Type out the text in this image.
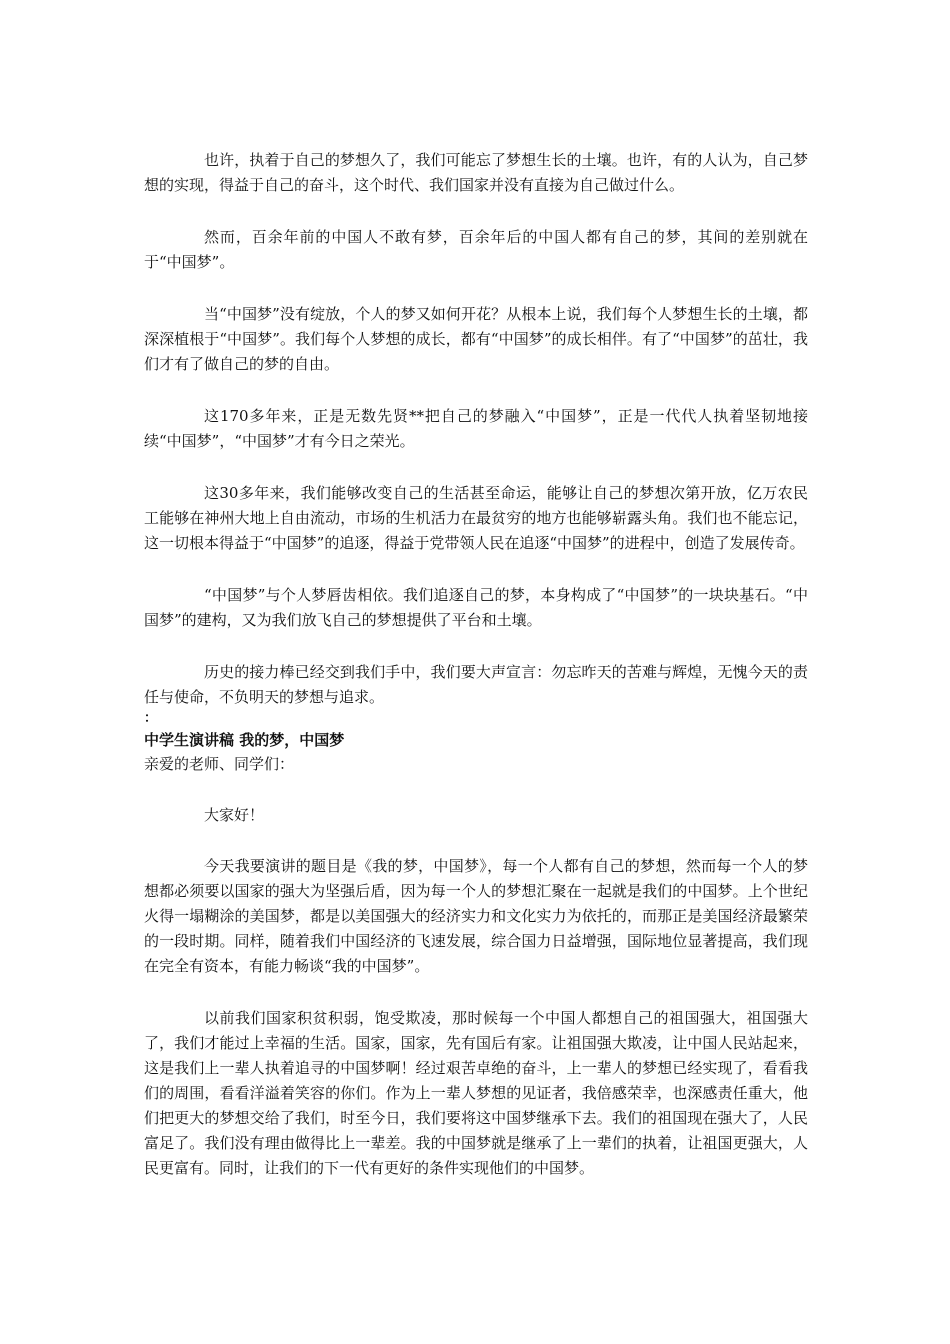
也许，执着于自己的梦想久了，我们可能忘了梦想生长的土壤。也许，有的人认为，自己梦想的实现，得益于自己的奋斗，这个时代、我们国家并没有直接为自己做过什么。

然而，百余年前的中国人不敢有梦，百余年后的中国人都有自己的梦，其间的差别就在于“中国梦”。

当“中国梦”没有绽放，个人的梦又如何开花？从根本上说，我们每个人梦想生长的土壤，都深深植根于“中国梦”。我们每个人梦想的成长，都有“中国梦”的成长相伴。有了“中国梦”的茁壮，我们才有了做自己的梦的自由。

这170多年来，正是无数先贤**把自己的梦融入“中国梦”，正是一代代人执着坚韧地接续“中国梦”，“中国梦”才有今日之荣光。

这30多年来，我们能够改变自己的生活甚至命运，能够让自己的梦想次第开放，亿万农民工能够在神州大地上自由流动，市场的生机活力在最贫穷的地方也能够崭露头角。我们也不能忘记，这一切根本得益于“中国梦”的追逐，得益于党带领人民在追逐“中国梦”的进程中，创造了发展传奇。

“中国梦”与个人梦唇齿相依。我们追逐自己的梦，本身构成了“中国梦”的一块块基石。“中国梦”的建构，又为我们放飞自己的梦想提供了平台和土壤。

历史的接力棒已经交到我们手中，我们要大声宣言：勿忘昨天的苦难与辉煌，无愧今天的责任与使命，不负明天的梦想与追求。

：

中学生演讲稿 我的梦，中国梦

亲爱的老师、同学们：

大家好！

今天我要演讲的题目是《我的梦，中国梦》，每一个人都有自己的梦想，然而每一个人的梦想都必须要以国家的强大为坚强后盾，因为每一个人的梦想汇聚在一起就是我们的中国梦。上个世纪火得一塌糊涂的美国梦，都是以美国强大的经济实力和文化实力为依托的，而那正是美国经济最繁荣的一段时期。同样，随着我们中国经济的飞速发展，综合国力日益增强，国际地位显著提高，我们现在完全有资本，有能力畅谈“我的中国梦”。

以前我们国家积贫积弱，饱受欺凌，那时候每一个中国人都想自己的祖国强大，祖国强大了，我们才能过上幸福的生活。国家，国家，先有国后有家。让祖国强大欺凌，让中国人民站起来，这是我们上一辈人执着追寻的中国梦啊！经过艰苦卓绝的奋斗，上一辈人的梦想已经实现了，看看我们的周围，看看洋溢着笑容的你们。作为上一辈人梦想的见证者，我倍感荣幸，也深感责任重大，他们把更大的梦想交给了我们，时至今日，我们要将这中国梦继承下去。我们的祖国现在强大了，人民富足了。我们没有理由做得比上一辈差。我的中国梦就是继承了上一辈们的执着，让祖国更强大，人民更富有。同时，让我们的下一代有更好的条件实现他们的中国梦。
